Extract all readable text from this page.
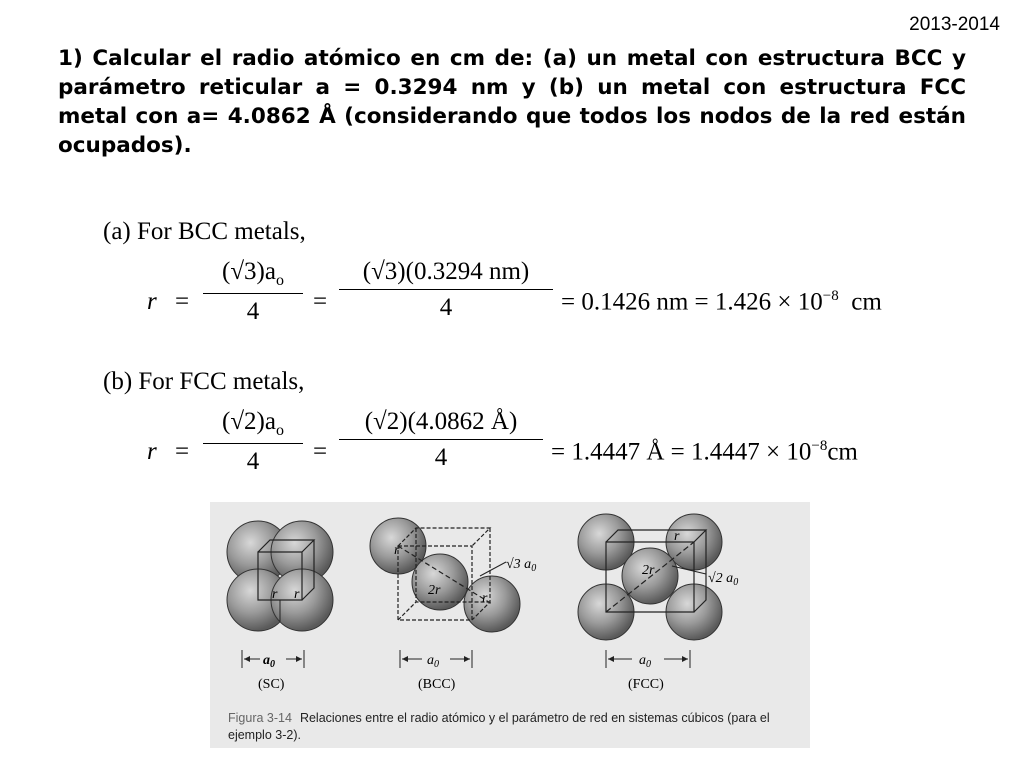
2013-2014
1) Calcular el radio atómico en cm de: (a) un metal con estructura BCC y parámetro reticular a = 0.3294 nm y (b) un metal con estructura FCC metal con a= 4.0862 Å (considerando que todos los nodos de la red están ocupados).
(a) For BCC metals,
r =
$(√3)a_o$
4	=
(√3)(0.3294 nm)
4	= 0.1426 nm = $1.426 \times 10^{-8}$ cm
(b) For FCC metals,
r =
$(√2)a_o$
4	=
(√2)(4.0862 Å)
4	= 1.4447 Å = $1.4447 \times 10^{-8}cm$
r r
$a_0$
(SC)
r
2r
r
√3 $a_0$
$a_0$
(BCC)
2r
√2 $a_0$
r
$a_0$
(FCC)
Figura 3-14 Relaciones entre el radio atómico y el parámetro de red en sistemas cúbicos (para el ejemplo 3-2).
